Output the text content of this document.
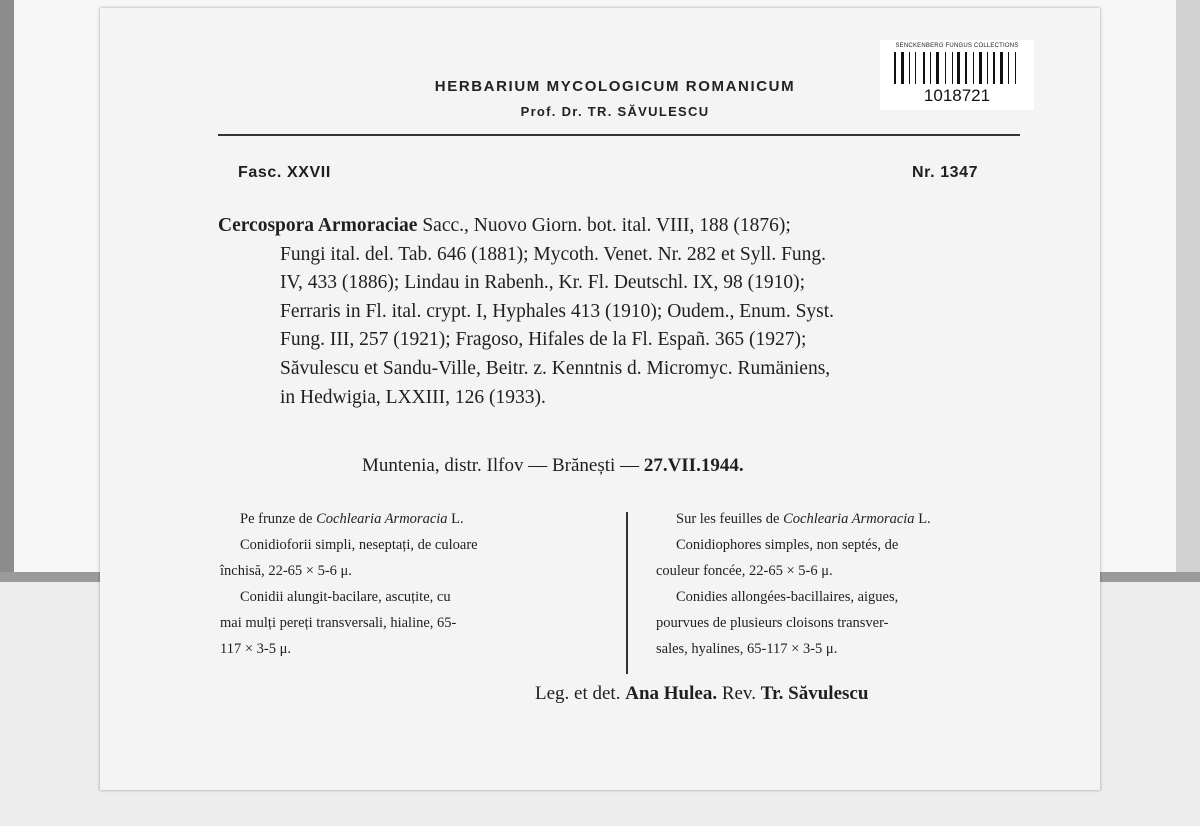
SENCKENBERG FUNGUS COLLECTIONS
1018721
HERBARIUM MYCOLOGICUM ROMANICUM
Prof. Dr. TR. SĂVULESCU
Fasc. XXVII	Nr. 1347
Cercospora Armoraciae Sacc., Nuovo Giorn. bot. ital. VIII, 188 (1876);
Fungi ital. del. Tab. 646 (1881); Mycoth. Venet. Nr. 282 et Syll. Fung.
IV, 433 (1886); Lindau in Rabenh., Kr. Fl. Deutschl. IX, 98 (1910);
Ferraris in Fl. ital. crypt. I, Hyphales 413 (1910); Oudem., Enum. Syst.
Fung. III, 257 (1921); Fragoso, Hifales de la Fl. Españ. 365 (1927);
Săvulescu et Sandu-Ville, Beitr. z. Kenntnis d. Micromyc. Rumäniens,
in Hedwigia, LXXIII, 126 (1933).
Muntenia, distr. Ilfov — Brănești — 27.VII.1944.
Pe frunze de Cochlearia Armoracia L.
Conidioforii simpli, neseptați, de culoare
închisă, 22-65 × 5-6 μ.
Conidii alungit-bacilare, ascuțite, cu
mai mulți pereți transversali, hialine, 65-
117 × 3-5 μ.
Sur les feuilles de Cochlearia Armoracia L.
Conidiophores simples, non septés, de
couleur foncée, 22-65 × 5-6 μ.
Conidies allongées-bacillaires, aigues,
pourvues de plusieurs cloisons transver-
sales, hyalines, 65-117 × 3-5 μ.
Leg. et det. Ana Hulea. Rev. Tr. Săvulescu
